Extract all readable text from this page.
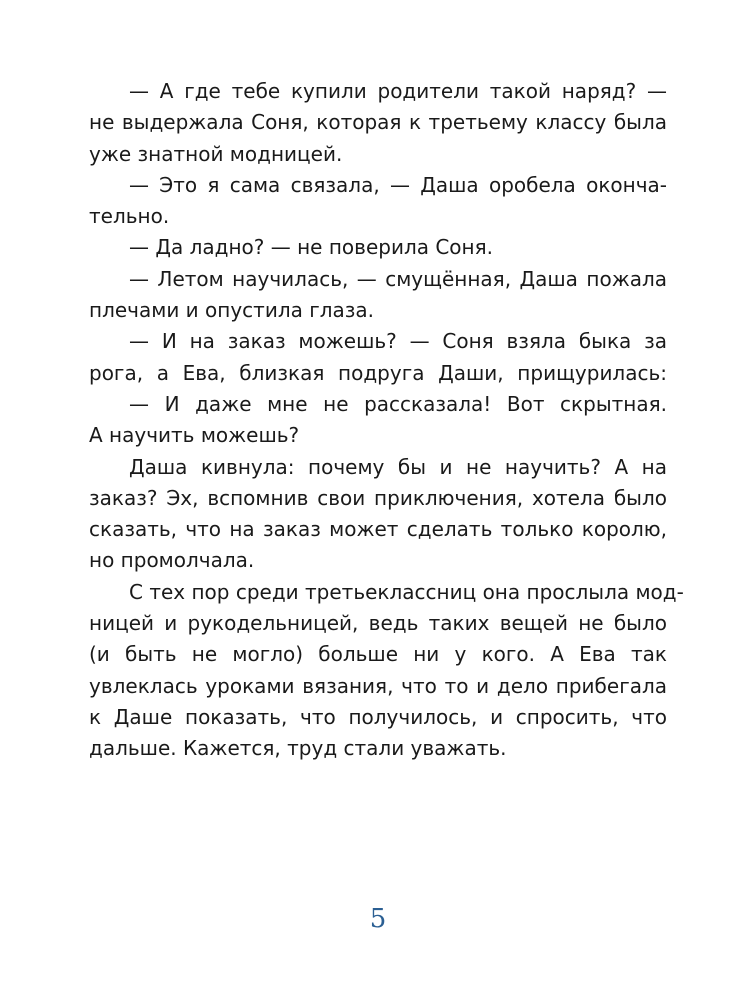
— А где тебе купили родители такой наряд? —
не выдержала Соня, которая к третьему классу была
уже знатной модницей.
— Это я сама связала, — Даша оробела оконча-
тельно.
— Да ладно? — не поверила Соня.
— Летом научилась, — смущённая, Даша пожала
плечами и опустила глаза.
— И на заказ можешь? — Соня взяла быка за
рога, а Ева, близкая подруга Даши, прищурилась:
— И даже мне не рассказала! Вот скрытная.
А научить можешь?
Даша кивнула: почему бы и не научить? А на
заказ? Эх, вспомнив свои приключения, хотела было
сказать, что на заказ может сделать только королю,
но промолчала.
С тех пор среди третьеклассниц она прослыла мод-
ницей и рукодельницей, ведь таких вещей не было
(и быть не могло) больше ни у кого. А Ева так
увлеклась уроками вязания, что то и дело прибегала
к Даше показать, что получилось, и спросить, что
дальше. Кажется, труд стали уважать.
5
